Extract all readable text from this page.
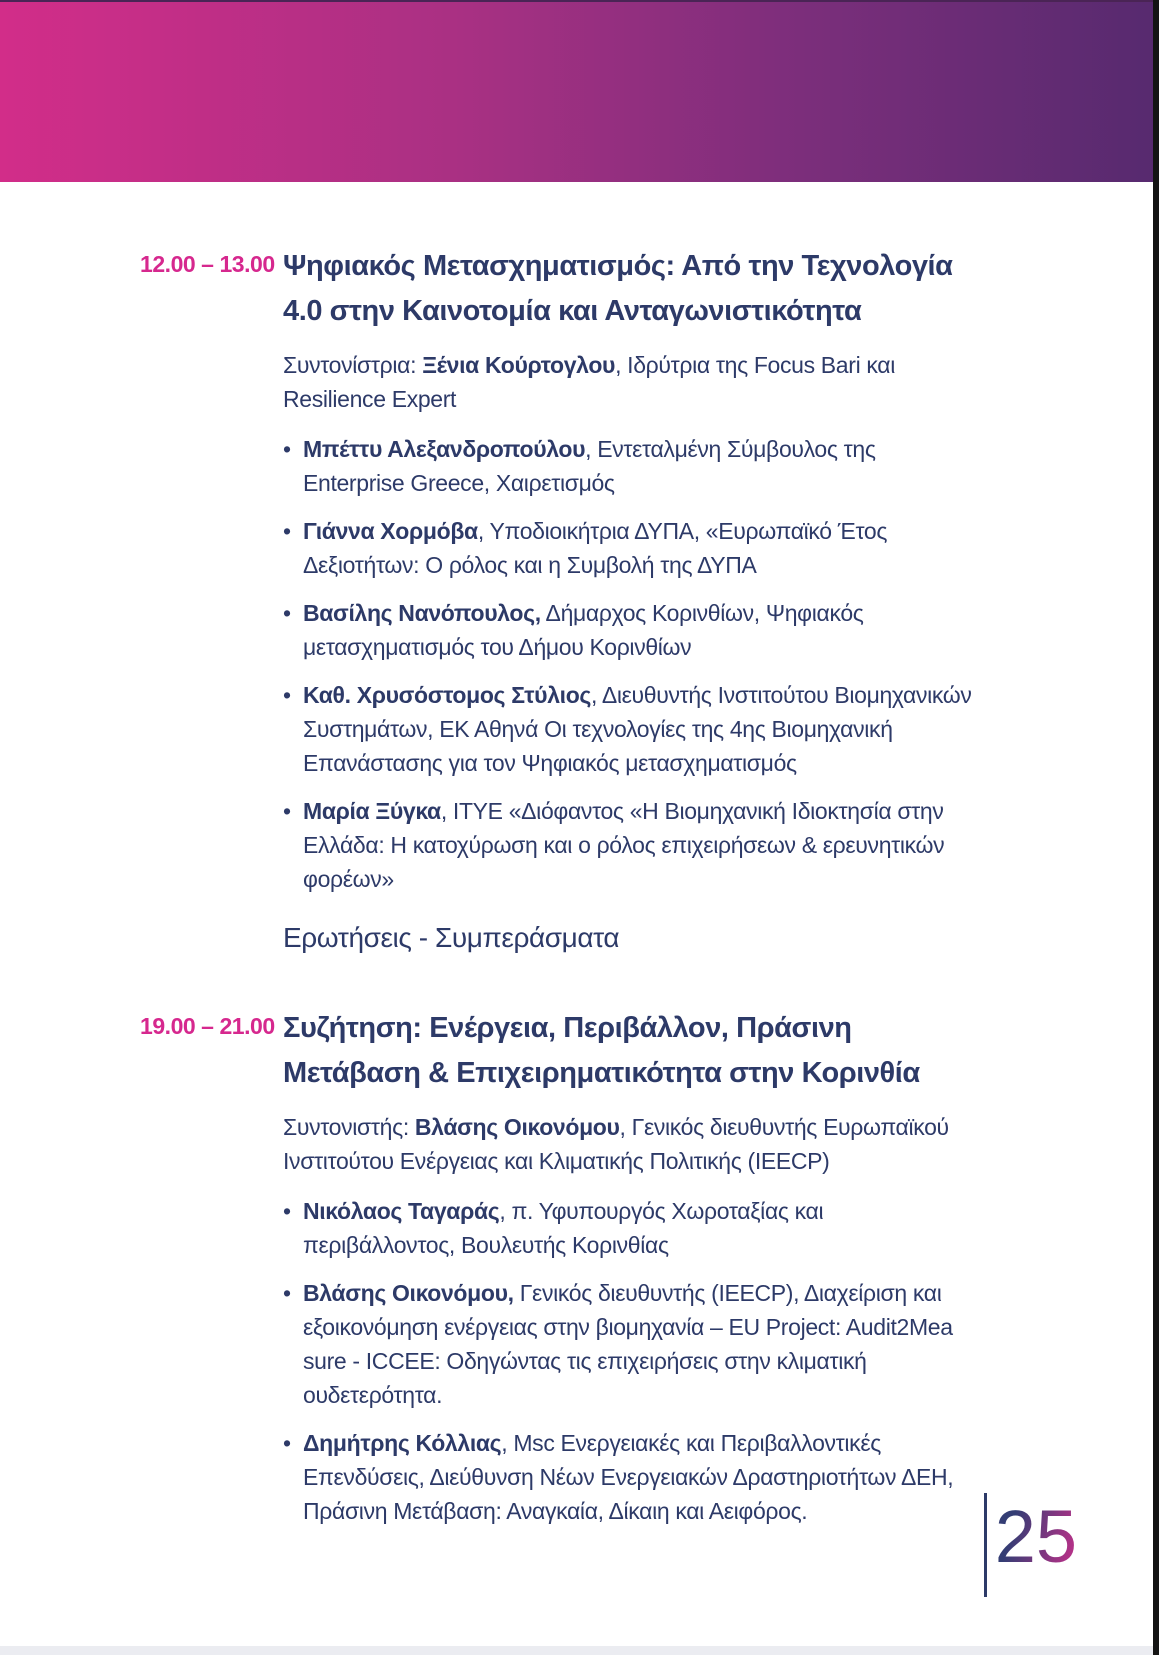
12.00 – 13.00 Ψηφιακός Μετασχηματισμός: Από την Τεχνολογία 4.0 στην Καινοτομία και Ανταγωνιστικότητα

Συντονίστρια: Ξένια Κούρτογλου, Ιδρύτρια της Focus Bari και Resilience Expert

• Μπέττυ Αλεξανδροπούλου, Εντεταλμένη Σύμβουλος της Enterprise Greece, Χαιρετισμός
• Γιάννα Χορμόβα, Υποδιοικήτρια ΔΥΠΑ, «Ευρωπαϊκό Έτος Δεξιοτήτων: Ο ρόλος και η Συμβολή της ΔΥΠΑ
• Βασίλης Νανόπουλος, Δήμαρχος Κορινθίων, Ψηφιακός μετασχηματισμός του Δήμου Κορινθίων
• Καθ. Χρυσόστομος Στύλιος, Διευθυντής Ινστιτούτου Βιομηχανικών Συστημάτων, ΕΚ Αθηνά Οι τεχνολογίες της 4ης Βιομηχανική Επανάστασης για τον Ψηφιακός μετασχηματισμός
• Μαρία Ξύγκα, ΙΤΥΕ «Διόφαντος «Η Βιομηχανική Ιδιοκτησία στην Ελλάδα: Η κατοχύρωση και ο ρόλος επιχειρήσεων & ερευνητικών φορέων»

Ερωτήσεις - Συμπεράσματα

19.00 – 21.00 Συζήτηση: Ενέργεια, Περιβάλλον, Πράσινη Μετάβαση & Επιχειρηματικότητα στην Κορινθία

Συντονιστής: Βλάσης Οικονόμου, Γενικός διευθυντής Ευρωπαϊκού Ινστιτούτου Ενέργειας και Κλιματικής Πολιτικής (IEECP)

• Νικόλαος Ταγαράς, π. Υφυπουργός Χωροταξίας και περιβάλλοντος, Βουλευτής Κορινθίας
• Βλάσης Οικονόμου, Γενικός διευθυντής (IEECP), Διαχείριση και εξοικονόμηση ενέργειας στην βιομηχανία – EU Project: Audit2Mea sure - ICCEE: Οδηγώντας τις επιχειρήσεις στην κλιματική ουδετερότητα.
• Δημήτρης Κόλλιας, Msc Ενεργειακές και Περιβαλλοντικές Επενδύσεις, Διεύθυνση Νέων Ενεργειακών Δραστηριοτήτων ΔΕΗ, Πράσινη Μετάβαση: Αναγκαία, Δίκαιη και Αειφόρος.	25
